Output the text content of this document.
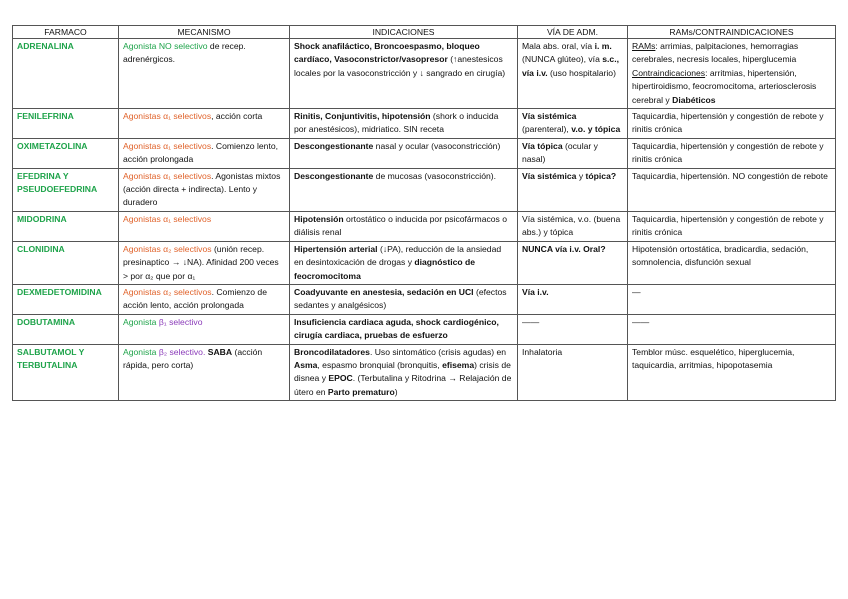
FARMACO	MECANISMO	INDICACIONES	VÍA DE ADM.	RAMs/CONTRAINDICACIONES
ADRENALINA	Agonista NO selectivo de recep. adrenérgicos.	Shock anafiláctico, Broncoespasmo, bloqueo cardíaco, Vasoconstrictor/vasopresor (↑anestesicos locales por la vasoconstricción y ↓ sangrado en cirugía)	Mala abs. oral, vía i. m. (NUNCA glúteo), vía s.c., vía i.v. (uso hospitalario)	RAMs: arrimias, palpitaciones, hemorragias cerebrales, necresis locales, hiperglucemia Contraindicaciones: arritmias, hipertensión, hipertiroidismo, feocromocitoma, arteriosclerosis cerebral y Diabéticos
FENILEFRINA	Agonistas α₁ selectivos, acción corta	Rinitis, Conjuntivitis, hipotensión (shork o inducida por anestésicos), midriatico. SIN receta	Vía sistémica (parenteral), v.o. y tópica	Taquicardia, hipertensión y congestión de rebote y rinitis crónica
OXIMETAZOLINA	Agonistas α₁ selectivos. Comienzo lento, acción prolongada	Descongestionante nasal y ocular (vasoconstricción)	Vía tópica (ocular y nasal)	Taquicardia, hipertensión y congestión de rebote y rinitis crónica
EFEDRINA Y PSEUDOEFEDRINA	Agonistas α₁ selectivos. Agonistas mixtos (acción directa + indirecta). Lento y duradero	Descongestionante de mucosas (vasoconstricción).	Vía sistémica y tópica?	Taquicardia, hipertensión. NO congestión de rebote
MIDODRINA	Agonistas α₁ selectivos	Hipotensión ortostático o inducida por psicofármacos o diálisis renal	Vía sistémica, v.o. (buena abs.) y tópica	Taquicardia, hipertensión y congestión de rebote y rinitis crónica
CLONIDINA	Agonistas α₂ selectivos (unión recep. presinaptico → ↓NA). Afinidad 200 veces > por α₂ que por α₁	Hipertensión arterial (↓PA), reducción de la ansiedad en desintoxicación de drogas y diagnóstico de feocromocitoma	NUNCA vía i.v. Oral?	Hipotensión ortostática, bradicardia, sedación, somnolencia, disfunción sexual
DEXMEDETOMIDINA	Agonistas α₂ selectivos. Comienzo de acción lento, acción prolongada	Coadyuvante en anestesia, sedación en UCI (efectos sedantes y analgésicos)	Vía i.v.	—
DOBUTAMINA	Agonista β₁ selectivo	Insuficiencia cardiaca aguda, shock cardiogénico, cirugía cardiaca, pruebas de esfuerzo	——	——
SALBUTAMOL Y TERBUTALINA	Agonista β₂ selectivo. SABA (acción rápida, pero corta)	Broncodilatadores. Uso sintomático (crisis agudas) en Asma, espasmo bronquial (bronquitis, efisema) crisis de disnea y EPOC. (Terbutalina y Ritodrina → Relajación de útero en Parto prematuro)	Inhalatoria	Temblor músc. esquelético, hiperglucemia, taquicardia, arritmias, hipopotasemia
